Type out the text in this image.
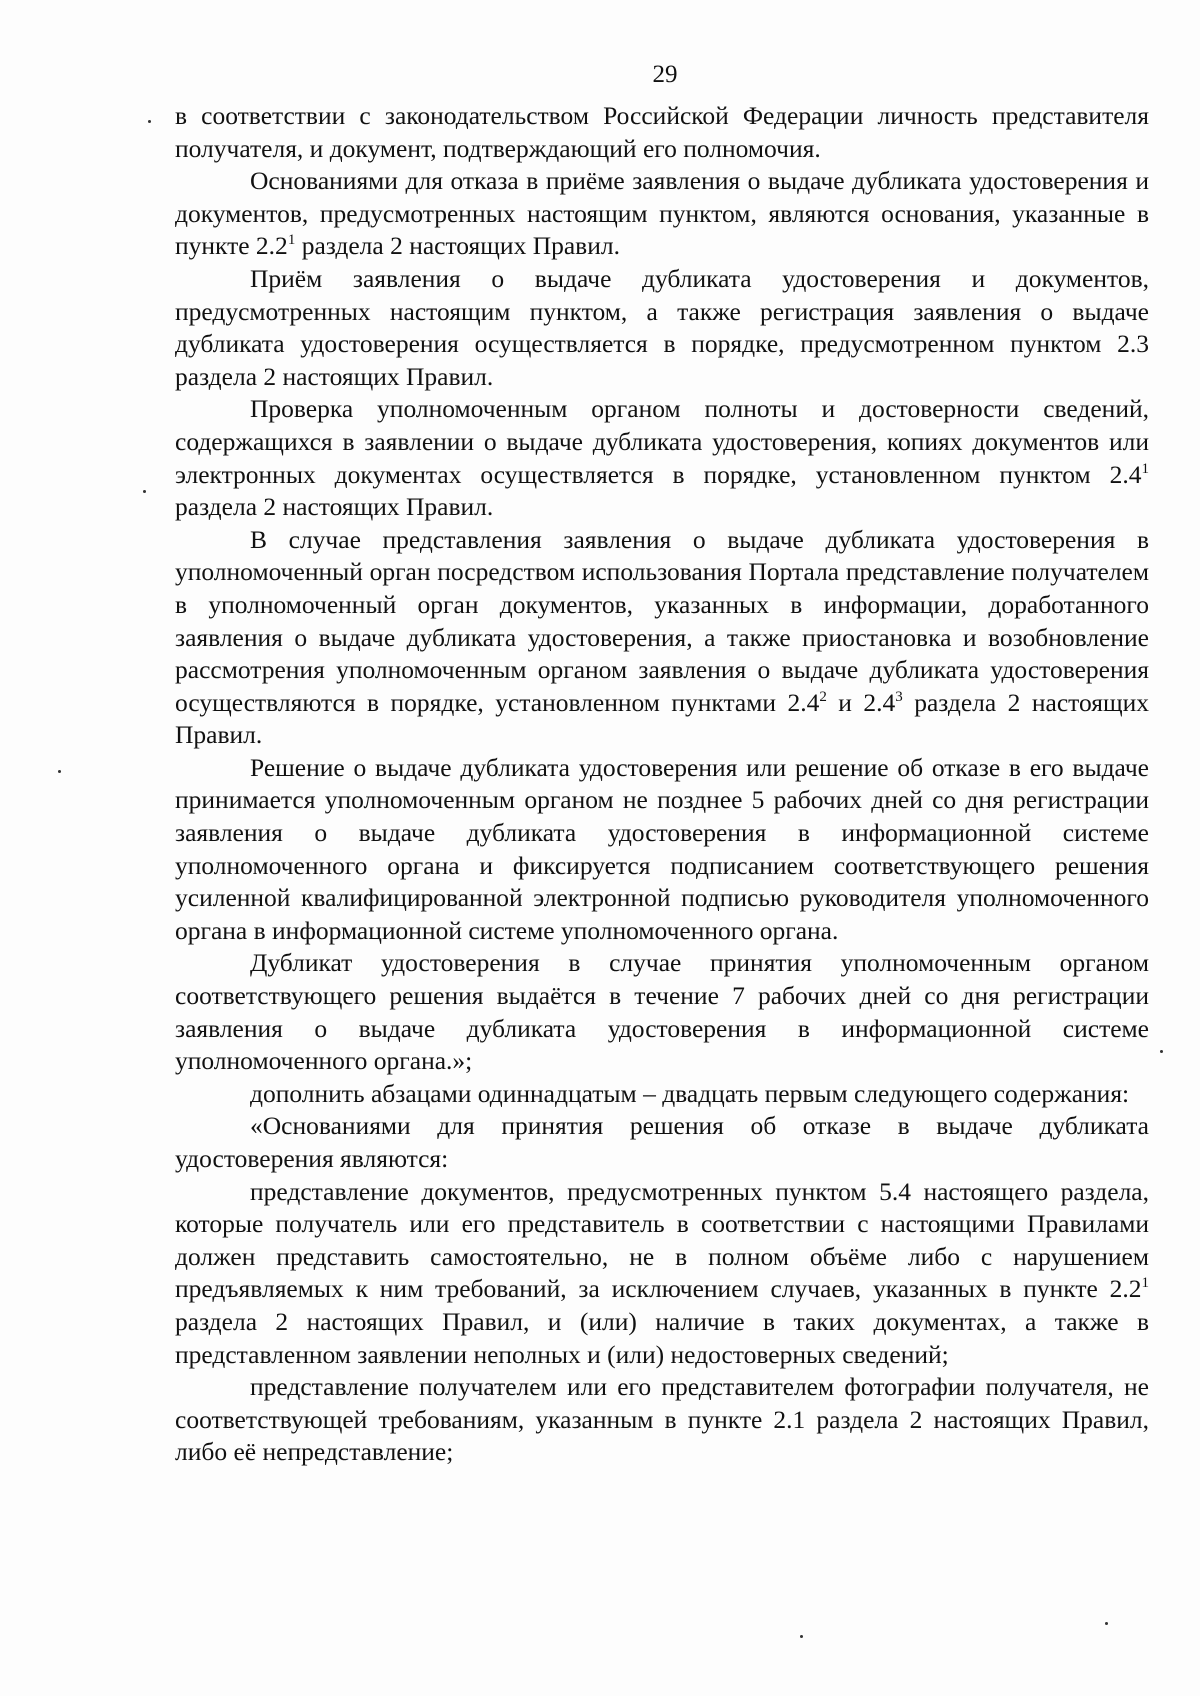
29

в соответствии с законодательством Российской Федерации личность представителя получателя, и документ, подтверждающий его полномочия.

Основаниями для отказа в приёме заявления о выдаче дубликата удостоверения и документов, предусмотренных настоящим пунктом, являются основания, указанные в пункте $2.2^1$ раздела 2 настоящих Правил.

Приём заявления о выдаче дубликата удостоверения и документов, предусмотренных настоящим пунктом, а также регистрация заявления о выдаче дубликата удостоверения осуществляется в порядке, предусмотренном пунктом 2.3 раздела 2 настоящих Правил.

Проверка уполномоченным органом полноты и достоверности сведений, содержащихся в заявлении о выдаче дубликата удостоверения, копиях документов или электронных документах осуществляется в порядке, установленном пунктом $2.4^1$ раздела 2 настоящих Правил.

В случае представления заявления о выдаче дубликата удостоверения в уполномоченный орган посредством использования Портала представление получателем в уполномоченный орган документов, указанных в информации, доработанного заявления о выдаче дубликата удостоверения, а также приостановка и возобновление рассмотрения уполномоченным органом заявления о выдаче дубликата удостоверения осуществляются в порядке, установленном пунктами $2.4^2$ и $2.4^3$ раздела 2 настоящих Правил.

Решение о выдаче дубликата удостоверения или решение об отказе в его выдаче принимается уполномоченным органом не позднее 5 рабочих дней со дня регистрации заявления о выдаче дубликата удостоверения в информационной системе уполномоченного органа и фиксируется подписанием соответствующего решения усиленной квалифицированной электронной подписью руководителя уполномоченного органа в информационной системе уполномоченного органа.

Дубликат удостоверения в случае принятия уполномоченным органом соответствующего решения выдаётся в течение 7 рабочих дней со дня регистрации заявления о выдаче дубликата удостоверения в информационной системе уполномоченного органа.»;

дополнить абзацами одиннадцатым – двадцать первым следующего содержания:

«Основаниями для принятия решения об отказе в выдаче дубликата удостоверения являются:

представление документов, предусмотренных пунктом 5.4 настоящего раздела, которые получатель или его представитель в соответствии с настоящими Правилами должен представить самостоятельно, не в полном объёме либо с нарушением предъявляемых к ним требований, за исключением случаев, указанных в пункте $2.2^1$ раздела 2 настоящих Правил, и (или) наличие в таких документах, а также в представленном заявлении неполных и (или) недостоверных сведений;

представление получателем или его представителем фотографии получателя, не соответствующей требованиям, указанным в пункте 2.1 раздела 2 настоящих Правил, либо её непредставление;
